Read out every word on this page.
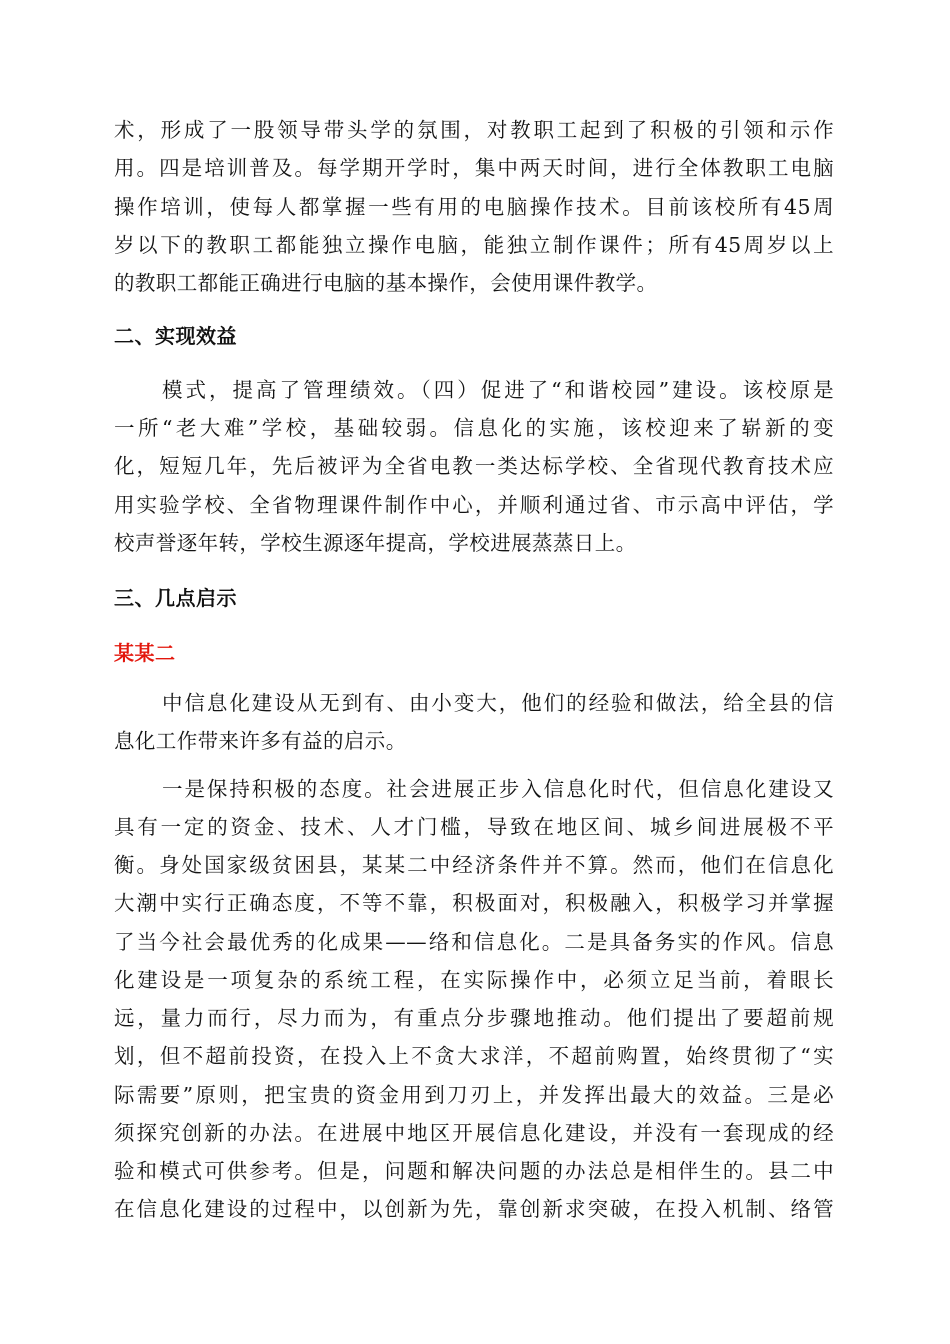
术，形成了一股领导带头学的氛围，对教职工起到了积极的引领和示作
用。四是培训普及。每学期开学时，集中两天时间，进行全体教职工电脑
操作培训，使每人都掌握一些有用的电脑操作技术。目前该校所有45周
岁以下的教职工都能独立操作电脑，能独立制作课件；所有45周岁以上
的教职工都能正确进行电脑的基本操作，会使用课件教学。
二、实现效益
模式，提高了管理绩效。（四）促进了“和谐校园”建设。该校原是
一所“老大难”学校，基础较弱。信息化的实施，该校迎来了崭新的变
化，短短几年，先后被评为全省电教一类达标学校、全省现代教育技术应
用实验学校、全省物理课件制作中心，并顺利通过省、市示高中评估，学
校声誉逐年转，学校生源逐年提高，学校进展蒸蒸日上。
三、几点启示
某某二
中信息化建设从无到有、由小变大，他们的经验和做法，给全县的信
息化工作带来许多有益的启示。
一是保持积极的态度。社会进展正步入信息化时代，但信息化建设又
具有一定的资金、技术、人才门槛，导致在地区间、城乡间进展极不平
衡。身处国家级贫困县，某某二中经济条件并不算。然而，他们在信息化
大潮中实行正确态度，不等不靠，积极面对，积极融入，积极学习并掌握
了当今社会最优秀的化成果——络和信息化。二是具备务实的作风。信息
化建设是一项复杂的系统工程，在实际操作中，必须立足当前，着眼长
远，量力而行，尽力而为，有重点分步骤地推动。他们提出了要超前规
划，但不超前投资，在投入上不贪大求洋，不超前购置，始终贯彻了“实
际需要”原则，把宝贵的资金用到刀刃上，并发挥出最大的效益。三是必
须探究创新的办法。在进展中地区开展信息化建设，并没有一套现成的经
验和模式可供参考。但是，问题和解决问题的办法总是相伴生的。县二中
在信息化建设的过程中，以创新为先，靠创新求突破，在投入机制、络管
